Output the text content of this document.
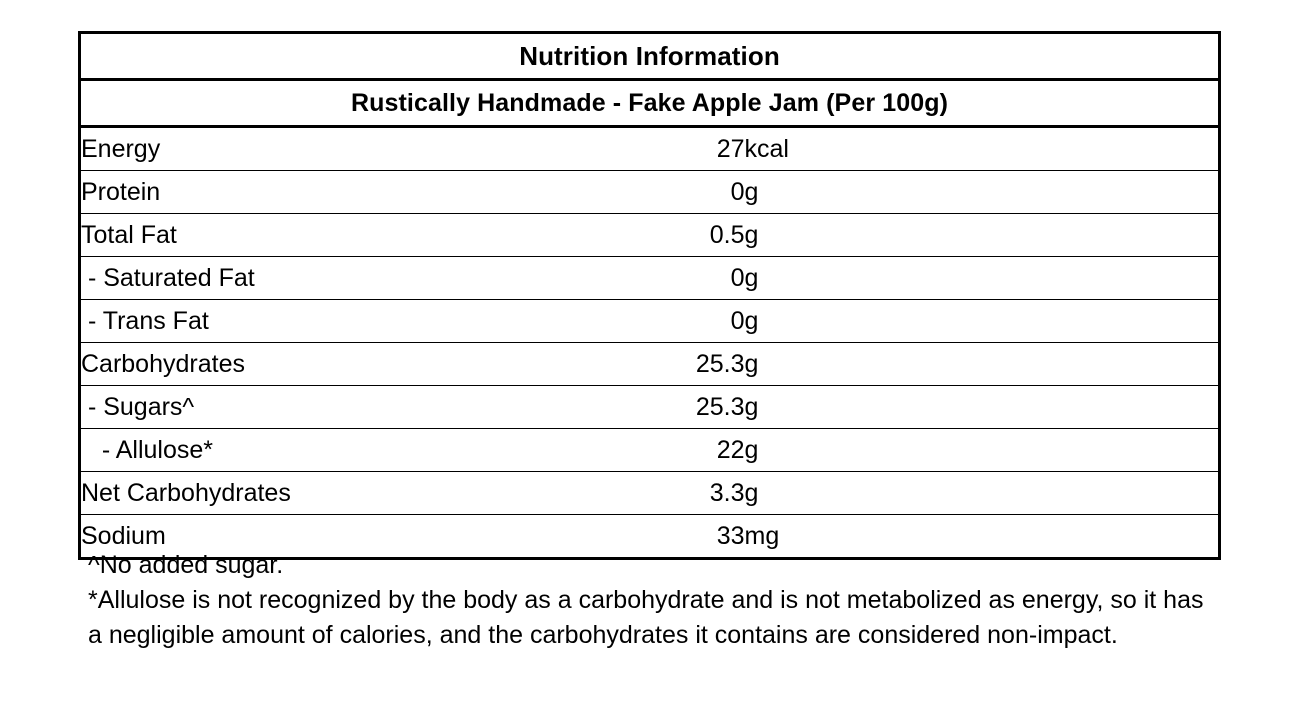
Nutrition Information		
Rustically Handmade - Fake Apple Jam (Per 100g)		
Energy	27	kcal
Protein	0	g
Total Fat	0.5	g
- Saturated Fat	0	g
- Trans Fat	0	g
Carbohydrates	25.3	g
- Sugars^	25.3	g
- Allulose*	22	g
Net Carbohydrates	3.3	g
Sodium	33	mg

^No added sugar.

*Allulose is not recognized by the body as a carbohydrate and is not metabolized as energy, so it has a negligible amount of calories, and the carbohydrates it contains are considered non-impact.
